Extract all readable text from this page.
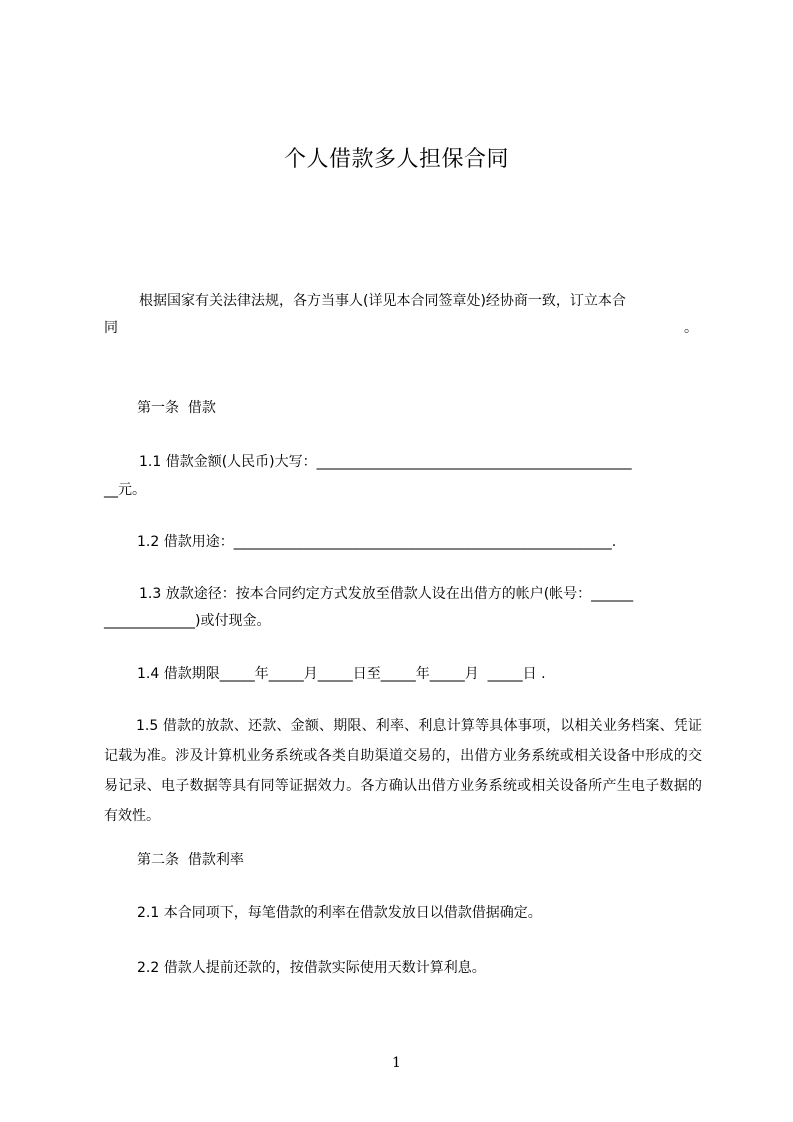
个人借款多人担保合同
根据国家有关法律法规，各方当事人(详见本合同签章处)经协商一致，订立本合
同	。
第一条  借款
1.1 借款金额(人民币)大写：_____________________________________________
__元。
1.2 借款用途：______________________________________________________.
1.3 放款途径：按本合同约定方式发放至借款人设在出借方的帐户(帐号：______
_____________)或付现金。
1.4 借款期限_____年_____月_____日至_____年_____月  _____日 .
1.5 借款的放款、还款、金额、期限、利率、利息计算等具体事项，以相关业务档案、凭证记载为准。涉及计算机业务系统或各类自助渠道交易的，出借方业务系统或相关设备中形成的交易记录、电子数据等具有同等证据效力。各方确认出借方业务系统或相关设备所产生电子数据的有效性。
第二条  借款利率
2.1 本合同项下，每笔借款的利率在借款发放日以借款借据确定。
2.2 借款人提前还款的，按借款实际使用天数计算利息。
1
